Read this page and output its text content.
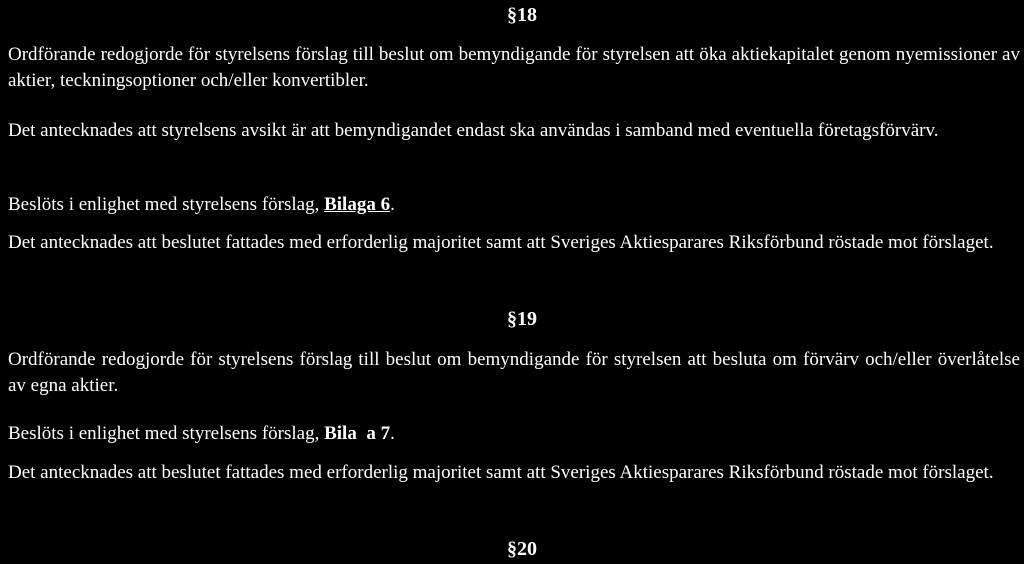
§18

Ordförande redogjorde för styrelsens förslag till beslut om bemyndigande för styrelsen att öka aktiekapitalet genom nyemissioner av aktier, teckningsoptioner och/eller konvertibler.

Det antecknades att styrelsens avsikt är att bemyndigandet endast ska användas i samband med eventuella företagsförvärv.

Beslöts i enlighet med styrelsens förslag, Bilaga 6.

Det antecknades att beslutet fattades med erforderlig majoritet samt att Sveriges Aktiesparares Riksförbund röstade mot förslaget.

§19

Ordförande redogjorde för styrelsens förslag till beslut om bemyndigande för styrelsen att besluta om förvärv och/eller överlåtelse av egna aktier.

Beslöts i enlighet med styrelsens förslag, Bila  a 7.

Det antecknades att beslutet fattades med erforderlig majoritet samt att Sveriges Aktiesparares Riksförbund röstade mot förslaget.

§20
